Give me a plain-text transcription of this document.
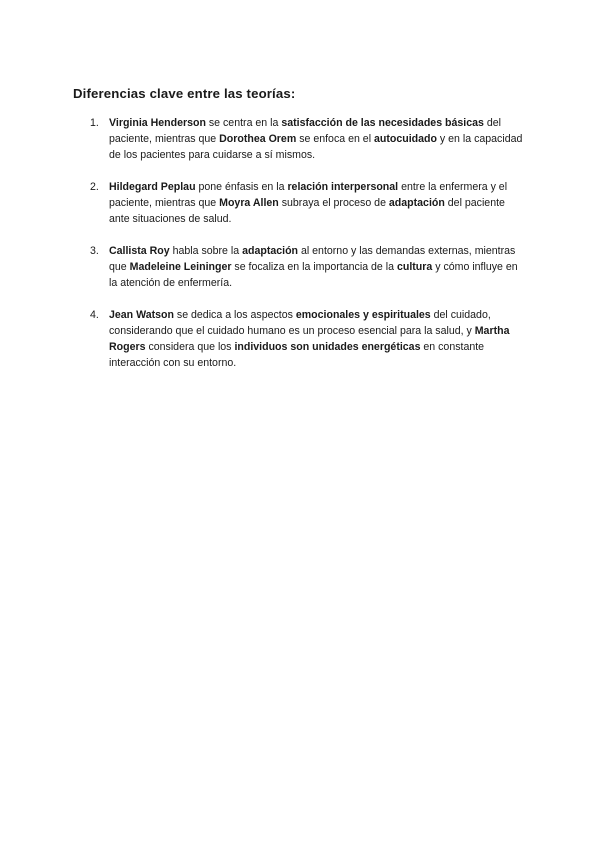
Diferencias clave entre las teorías:
1. Virginia Henderson se centra en la satisfacción de las necesidades básicas del paciente, mientras que Dorothea Orem se enfoca en el autocuidado y en la capacidad de los pacientes para cuidarse a sí mismos.
2. Hildegard Peplau pone énfasis en la relación interpersonal entre la enfermera y el paciente, mientras que Moyra Allen subraya el proceso de adaptación del paciente ante situaciones de salud.
3. Callista Roy habla sobre la adaptación al entorno y las demandas externas, mientras que Madeleine Leininger se focaliza en la importancia de la cultura y cómo influye en la atención de enfermería.
4. Jean Watson se dedica a los aspectos emocionales y espirituales del cuidado, considerando que el cuidado humano es un proceso esencial para la salud, y Martha Rogers considera que los individuos son unidades energéticas en constante interacción con su entorno.
